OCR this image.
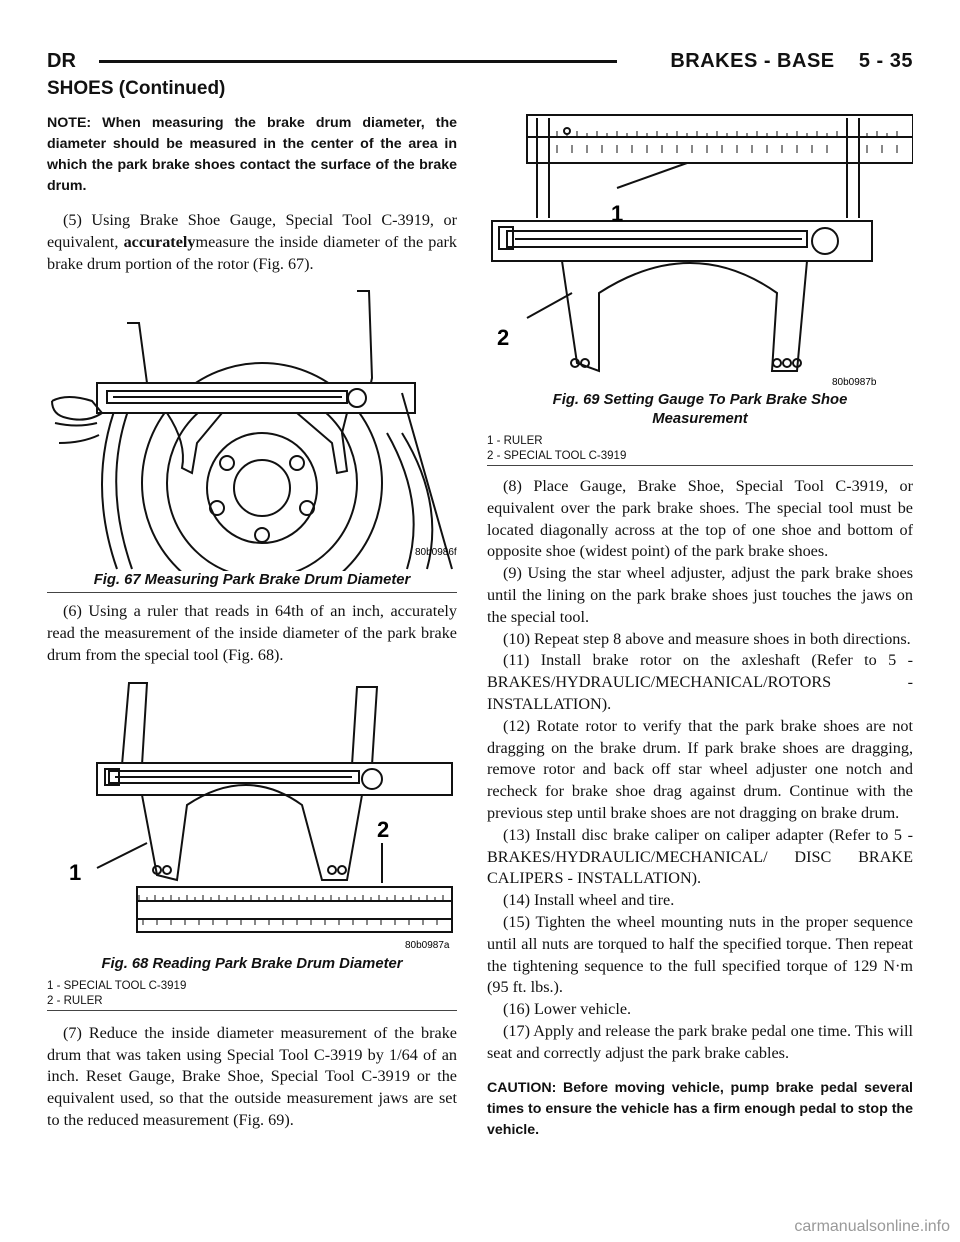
DR	BRAKES - BASE    5 - 35
SHOES (Continued)
NOTE: When measuring the brake drum diameter, the diameter should be measured in the center of the area in which the park brake shoes contact the surface of the brake drum.

(5) Using Brake Shoe Gauge, Special Tool C-3919, or equivalent, accuratelymeasure the inside diameter of the park brake drum portion of the rotor (Fig. 67).

80b0986f
Fig. 67 Measuring Park Brake Drum Diameter

(6) Using a ruler that reads in 64th of an inch, accurately read the measurement of the inside diameter of the park brake drum from the special tool (Fig. 68).

1
2
80b0987a
Fig. 68 Reading Park Brake Drum Diameter
1 - SPECIAL TOOL C-3919
2 - RULER

(7) Reduce the inside diameter measurement of the brake drum that was taken using Special Tool C-3919 by 1/64 of an inch. Reset Gauge, Brake Shoe, Special Tool C-3919 or the equivalent used, so that the outside measurement jaws are set to the reduced measurement (Fig. 69).

1
2
80b0987b
Fig. 69 Setting Gauge To Park Brake Shoe
Measurement
1 - RULER
2 - SPECIAL TOOL C-3919

(8) Place Gauge, Brake Shoe, Special Tool C-3919, or equivalent over the park brake shoes. The special tool must be located diagonally across at the top of one shoe and bottom of opposite shoe (widest point) of the park brake shoes.

(9) Using the star wheel adjuster, adjust the park brake shoes until the lining on the park brake shoes just touches the jaws on the special tool.

(10) Repeat step 8 above and measure shoes in both directions.

(11) Install brake rotor on the axleshaft (Refer to 5 - BRAKES/HYDRAULIC/MECHANICAL/ROTORS - INSTALLATION).

(12) Rotate rotor to verify that the park brake shoes are not dragging on the brake drum. If park brake shoes are dragging, remove rotor and back off star wheel adjuster one notch and recheck for brake shoe drag against drum. Continue with the previous step until brake shoes are not dragging on brake drum.

(13) Install disc brake caliper on caliper adapter (Refer to 5 - BRAKES/HYDRAULIC/MECHANICAL/ DISC BRAKE CALIPERS - INSTALLATION).

(14) Install wheel and tire.

(15) Tighten the wheel mounting nuts in the proper sequence until all nuts are torqued to half the specified torque. Then repeat the tightening sequence to the full specified torque of 129 N·m (95 ft. lbs.).

(16) Lower vehicle.

(17) Apply and release the park brake pedal one time. This will seat and correctly adjust the park brake cables.

CAUTION: Before moving vehicle, pump brake pedal several times to ensure the vehicle has a firm enough pedal to stop the vehicle.
carmanualsonline.info
